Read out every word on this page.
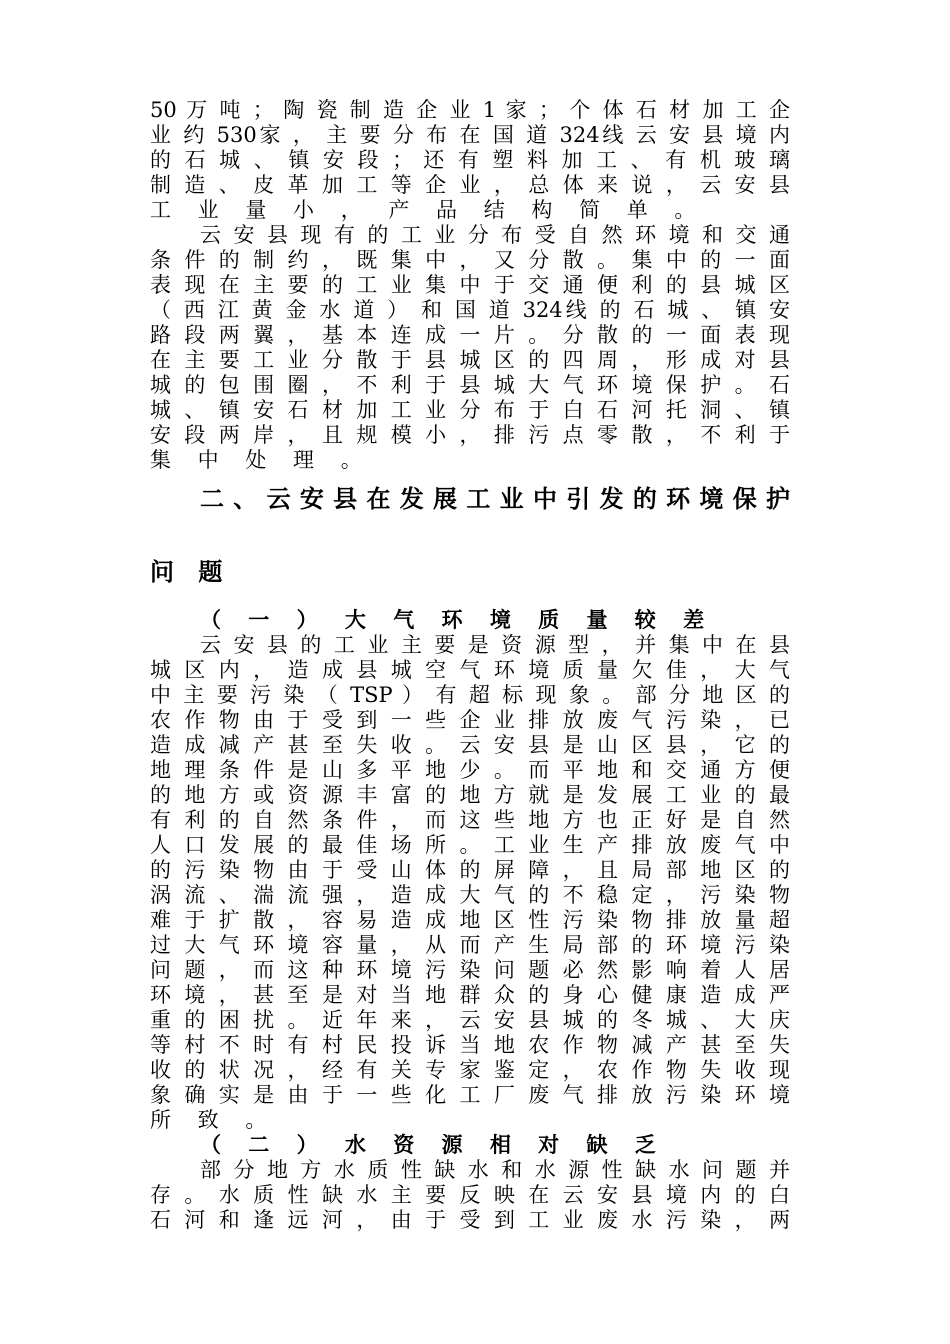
50 万 吨 ； 陶 瓷 制 造 企 业 1 家 ； 个 体 石 材 加 工 企
业 约 530家 ， 主 要 分 布 在 国 道 324线 云 安 县 境 内
的 石 城 、 镇 安 段 ； 还 有 塑 料 加 工 、 有 机 玻 璃
制 造 、 皮 革 加 工 等 企 业 ， 总 体 来 说 ， 云 安 县
工 业 量 小 ， 产 品 结 构 简 单 。
云 安 县 现 有 的 工 业 分 布 受 自 然 环 境 和 交 通
条 件 的 制 约 ， 既 集 中 ， 又 分 散 。 集 中 的 一 面
表 现 在 主 要 的 工 业 集 中 于 交 通 便 利 的 县 城 区
（ 西 江 黄 金 水 道 ） 和 国 道 324线 的 石 城 、 镇 安
路 段 两 翼 ， 基 本 连 成 一 片 。 分 散 的 一 面 表 现
在 主 要 工 业 分 散 于 县 城 区 的 四 周 ， 形 成 对 县
城 的 包 围 圈 ， 不 利 于 县 城 大 气 环 境 保 护 。 石
城 、 镇 安 石 材 加 工 业 分 布 于 白 石 河 托 洞 、 镇
安 段 两 岸 ， 且 规 模 小 ， 排 污 点 零 散 ， 不 利 于
集 中 处 理 。
二 、 云 安 县 在 发 展 工 业 中 引 发 的 环 境 保 护
问 题
（ 一 ） 大 气 环 境 质 量 较 差
云 安 县 的 工 业 主 要 是 资 源 型 ， 并 集 中 在 县
城 区 内 ， 造 成 县 城 空 气 环 境 质 量 欠 佳 ， 大 气
中 主 要 污 染 （ TSP ） 有 超 标 现 象 。 部 分 地 区 的
农 作 物 由 于 受 到 一 些 企 业 排 放 废 气 污 染 ， 已
造 成 减 产 甚 至 失 收 。 云 安 县 是 山 区 县 ， 它 的
地 理 条 件 是 山 多 平 地 少 。 而 平 地 和 交 通 方 便
的 地 方 或 资 源 丰 富 的 地 方 就 是 发 展 工 业 的 最
有 利 的 自 然 条 件 ， 而 这 些 地 方 也 正 好 是 自 然
人 口 发 展 的 最 佳 场 所 。 工 业 生 产 排 放 废 气 中
的 污 染 物 由 于 受 山 体 的 屏 障 ， 且 局 部 地 区 的
涡 流 、 湍 流 强 ， 造 成 大 气 的 不 稳 定 ， 污 染 物
难 于 扩 散 ， 容 易 造 成 地 区 性 污 染 物 排 放 量 超
过 大 气 环 境 容 量 ， 从 而 产 生 局 部 的 环 境 污 染
问 题 ， 而 这 种 环 境 污 染 问 题 必 然 影 响 着 人 居
环 境 ， 甚 至 是 对 当 地 群 众 的 身 心 健 康 造 成 严
重 的 困 扰 。 近 年 来 ， 云 安 县 城 的 冬 城 、 大 庆
等 村 不 时 有 村 民 投 诉 当 地 农 作 物 减 产 甚 至 失
收 的 状 况 ， 经 有 关 专 家 鉴 定 ， 农 作 物 失 收 现
象 确 实 是 由 于 一 些 化 工 厂 废 气 排 放 污 染 环 境
所 致 。
（ 二 ） 水 资 源 相 对 缺 乏
部 分 地 方 水 质 性 缺 水 和 水 源 性 缺 水 问 题 并
存 。 水 质 性 缺 水 主 要 反 映 在 云 安 县 境 内 的 白
石 河 和 逢 远 河 ， 由 于 受 到 工 业 废 水 污 染 ， 两
